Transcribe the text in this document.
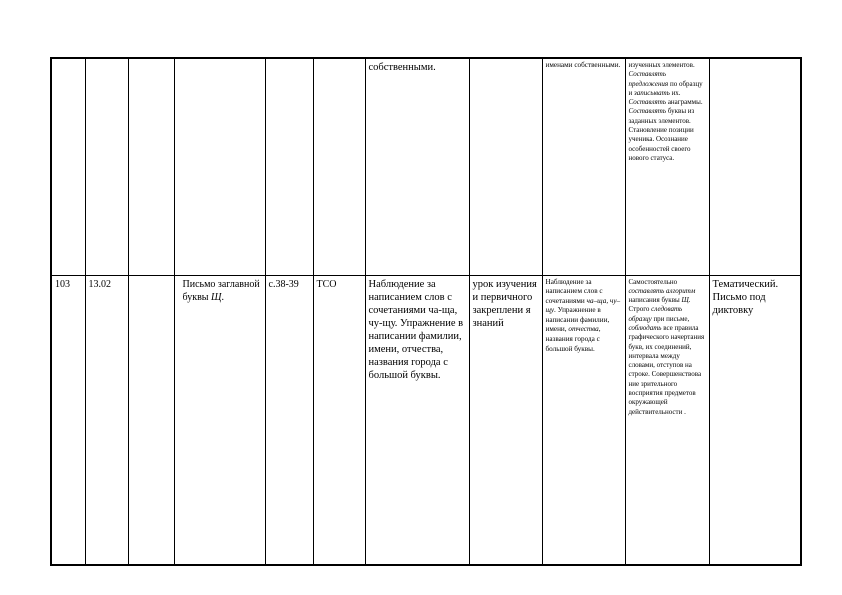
						собственными.		именами собственными.	изученных элементов. Составлять предложения по образцу и записывать их. Составлять анаграммы. Составлять буквы из заданных элементов. Становление позиции ученика. Осознание особенностей своего нового статуса.	
103	13.02		Письмо заглавной буквы Щ.	с.38-39	ТСО	Наблюдение за написанием слов с сочетаниями ча-ща, чу-щу. Упражнение в написании фамилии, имени, отчества, названия города с большой буквы.	урок изучения и первичного закреплени я знаний	Наблюдение за написанием слов с сочетаниями ча–ща, чу–щу. Упражнение в написании фамилии, имени, отчества, названия города с большой буквы.	Самостоятельно составлять алгоритм написания буквы Щ. Строго следовать образцу при письме, соблюдать все правила графического начертания букв, их соединений, интервала между словами, отступов на строке. Совершенствова ние зрительного восприятия предметов окружающей действительности .	Тематический. Письмо под диктовку
